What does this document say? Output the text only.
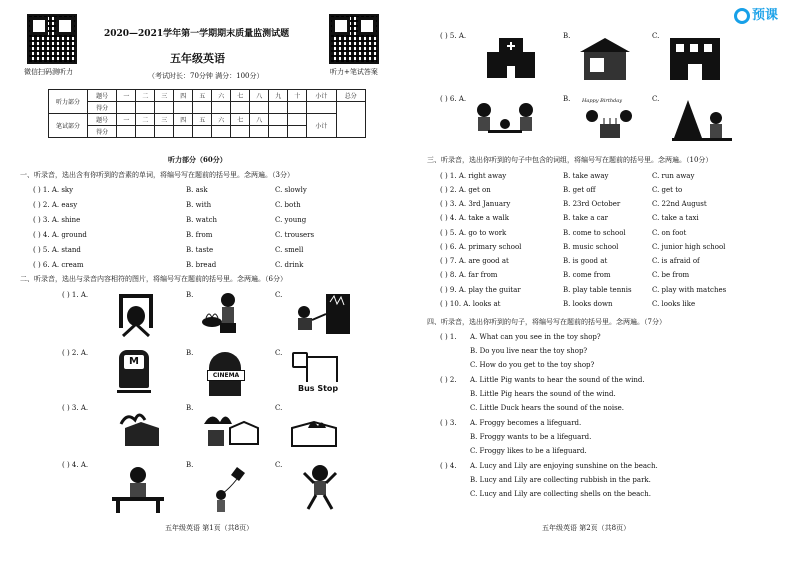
微信扫码测听力	听力+笔试答案
2020—2021学年第一学期期末质量监测试题
五年级英语
（考试时长：70分钟 满分：100分）
听力部分	题号	一	二	三	四	五	六	七	八	九	十	小计	总分
	得分												
笔试部分	题号	一	二	三	四	五	六	七	八			小计	
	得分												
听力部分（60分）
一、听录音，选出含有你听到的音素的单词，将编号写在题前的括号里。念两遍。（3分）
( ) 1. A. sky	B. ask	C. slowly
( ) 2. A. easy	B. with	C. both
( ) 3. A. shine	B. watch	C. young
( ) 4. A. ground	B. from	C. trousers
( ) 5. A. stand	B. taste	C. smell
( ) 6. A. cream	B. bread	C. drink
二、听录音，选出与录音内容相符的图片，将编号写在题前的括号里。念两遍。（6分）
( ) 1. A.	B.	C.
( ) 2. A.	B.	C.
M
CINEMA
Bus Stop
( ) 3. A.	B.	C.
( ) 4. A.	B.	C.
五年级英语 第1页（共8页）
预课
( ) 5. A.	B.	C.
( ) 6. A.	B.	C.
Happy Birthday
三、听录音，选出你听到的句子中包含的词组，将编号写在题前的括号里。念两遍。（10分）
( ) 1. A. right away	B. take away	C. run away
( ) 2. A. get on	B. get off	C. get to
( ) 3. A. 3rd January	B. 23rd October	C. 22nd August
( ) 4. A. take a walk	B. take a car	C. take a taxi
( ) 5. A. go to work	B. come to school	C. on foot
( ) 6. A. primary school	B. music school	C. junior high school
( ) 7. A. are good at	B. is good at	C. is afraid of
( ) 8. A. far from	B. come from	C. be from
( ) 9. A. play the guitar	B. play table tennis	C. play with matches
( ) 10. A. looks at	B. looks down	C. looks like
四、听录音，选出你听到的句子，将编号写在题前的括号里。念两遍。（7分）
( ) 1. A. What can you see in the toy shop?
B. Do you live near the toy shop?
C. How do you get to the toy shop?
( ) 2. A. Little Pig wants to hear the sound of the wind.
B. Little Pig hears the sound of the wind.
C. Little Duck hears the sound of the noise.
( ) 3. A. Froggy becomes a lifeguard.
B. Froggy wants to be a lifeguard.
C. Froggy likes to be a lifeguard.
( ) 4. A. Lucy and Lily are enjoying sunshine on the beach.
B. Lucy and Lily are collecting rubbish in the park.
C. Lucy and Lily are collecting shells on the beach.
五年级英语 第2页（共8页）
